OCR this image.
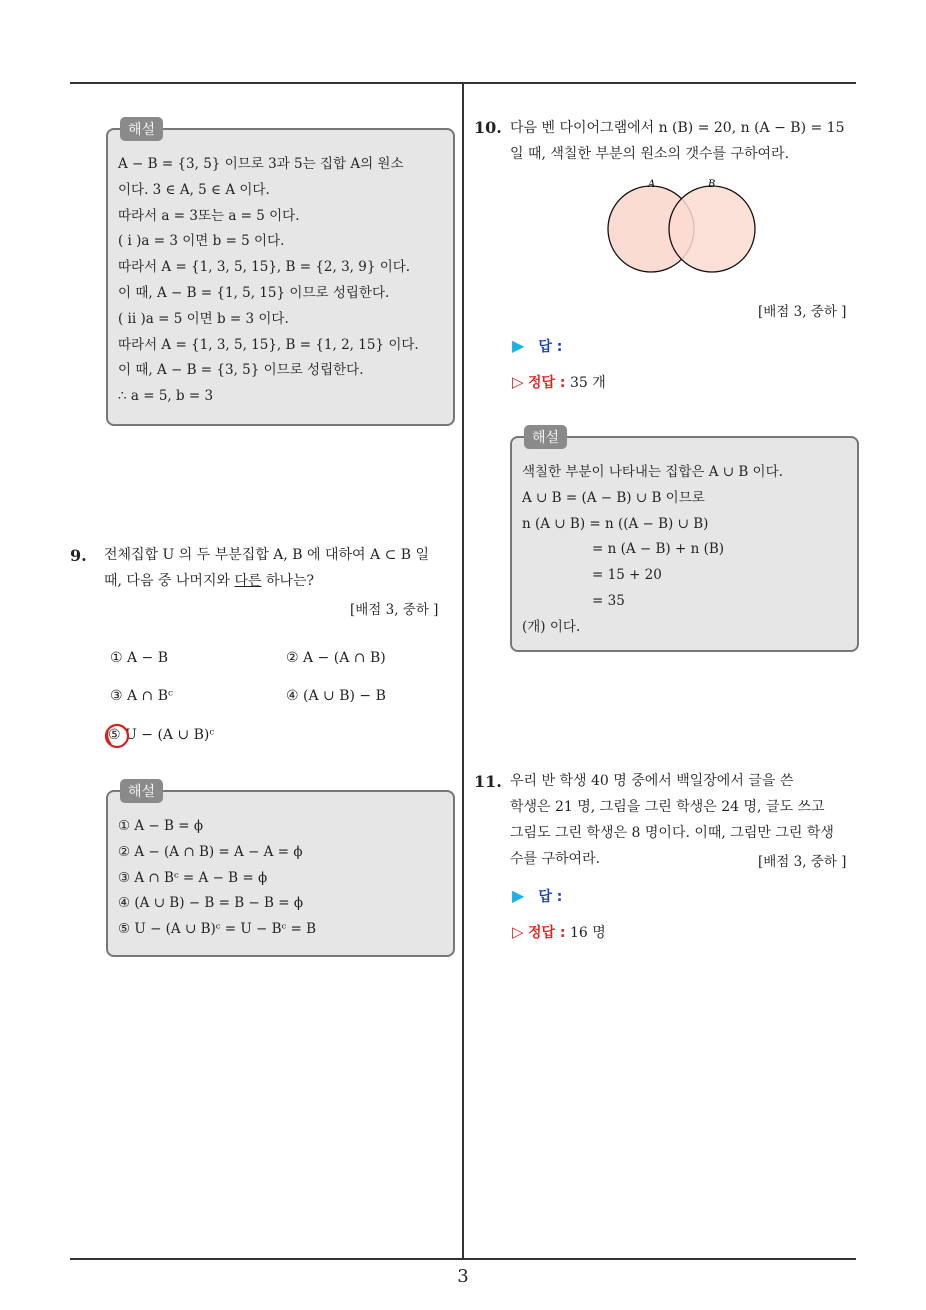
해설
A − B = {3, 5} 이므로 3과 5는 집합 A의 원소
이다. 3 ∈ A, 5 ∈ A 이다.
따라서 a = 3또는 a = 5 이다.
( i )a = 3 이면 b = 5 이다.
따라서 A = {1, 3, 5, 15}, B = {2, 3, 9} 이다.
이 때, A − B = {1, 5, 15} 이므로 성립한다.
( ii )a = 5 이면 b = 3 이다.
따라서 A = {1, 3, 5, 15}, B = {1, 2, 15} 이다.
이 때, A − B = {3, 5} 이므로 성립한다.
∴ a = 5, b = 3
9. 전체집합 U 의 두 부분집합 A, B 에 대하여 A ⊂ B 일
때, 다음 중 나머지와 다른 하나는?
[배점 3, 중하 ]
① A − B	② A − (A ∩ B)
③ A ∩ Bᶜ	④ (A ∪ B) − B
⑤ U − (A ∪ B)ᶜ
해설
① A − B = ϕ
② A − (A ∩ B) = A − A = ϕ
③ A ∩ Bᶜ = A − B = ϕ
④ (A ∪ B) − B = B − B = ϕ
⑤ U − (A ∪ B)ᶜ = U − Bᶜ = B
10. 다음 벤 다이어그램에서 n (B) = 20, n (A − B) = 15
일 때, 색칠한 부분의 원소의 갯수를 구하여라.
A	B
[배점 3, 중하 ]
▶ 답 :
▷ 정답 : 35 개
해설
색칠한 부분이 나타내는 집합은 A ∪ B 이다.
A ∪ B = (A − B) ∪ B 이므로
n (A ∪ B) = n ((A − B) ∪ B)
= n (A − B) + n (B)
= 15 + 20
= 35
(개) 이다.
11. 우리 반 학생 40 명 중에서 백일장에서 글을 쓴
학생은 21 명, 그림을 그린 학생은 24 명, 글도 쓰고
그림도 그린 학생은 8 명이다. 이때, 그림만 그린 학생
수를 구하여라.	[배점 3, 중하 ]
▶ 답 :
▷ 정답 : 16 명
3
